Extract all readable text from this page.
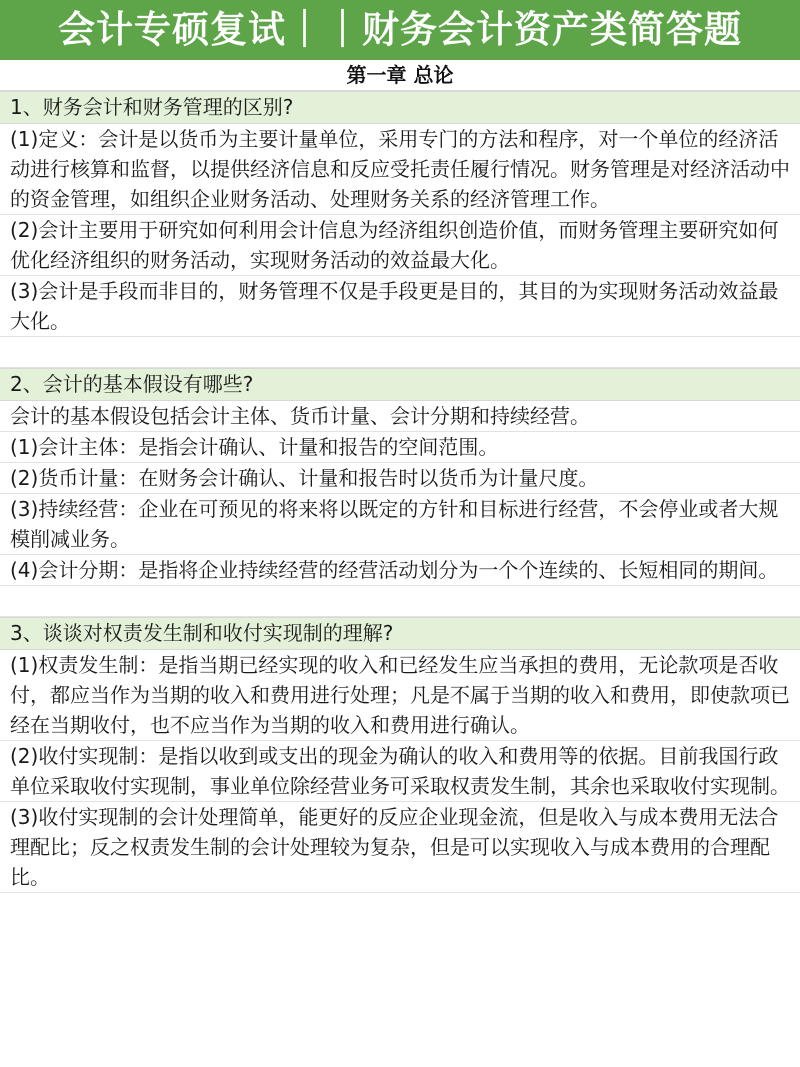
会计专硕复试｜｜财务会计资产类简答题
第一章 总论
1、财务会计和财务管理的区别?
(1)定义：会计是以货币为主要计量单位，采用专门的方法和程序，对一个单位的经济活动进行核算和监督，以提供经济信息和反应受托责任履行情况。财务管理是对经济活动中的资金管理，如组织企业财务活动、处理财务关系的经济管理工作。
(2)会计主要用于研究如何利用会计信息为经济组织创造价值，而财务管理主要研究如何优化经济组织的财务活动，实现财务活动的效益最大化。
(3)会计是手段而非目的，财务管理不仅是手段更是目的，其目的为实现财务活动效益最大化。
2、会计的基本假设有哪些?
会计的基本假设包括会计主体、货币计量、会计分期和持续经营。
(1)会计主体：是指会计确认、计量和报告的空间范围。
(2)货币计量：在财务会计确认、计量和报告时以货币为计量尺度。
(3)持续经营：企业在可预见的将来将以既定的方针和目标进行经营，不会停业或者大规模削减业务。
(4)会计分期：是指将企业持续经营的经营活动划分为一个个连续的、长短相同的期间。
3、谈谈对权责发生制和收付实现制的理解?
(1)权责发生制：是指当期已经实现的收入和已经发生应当承担的费用，无论款项是否收付，都应当作为当期的收入和费用进行处理；凡是不属于当期的收入和费用，即使款项已经在当期收付，也不应当作为当期的收入和费用进行确认。
(2)收付实现制：是指以收到或支出的现金为确认的收入和费用等的依据。目前我国行政单位采取收付实现制，事业单位除经营业务可采取权责发生制，其余也采取收付实现制。
(3)收付实现制的会计处理简单，能更好的反应企业现金流，但是收入与成本费用无法合理配比；反之权责发生制的会计处理较为复杂，但是可以实现收入与成本费用的合理配比。
